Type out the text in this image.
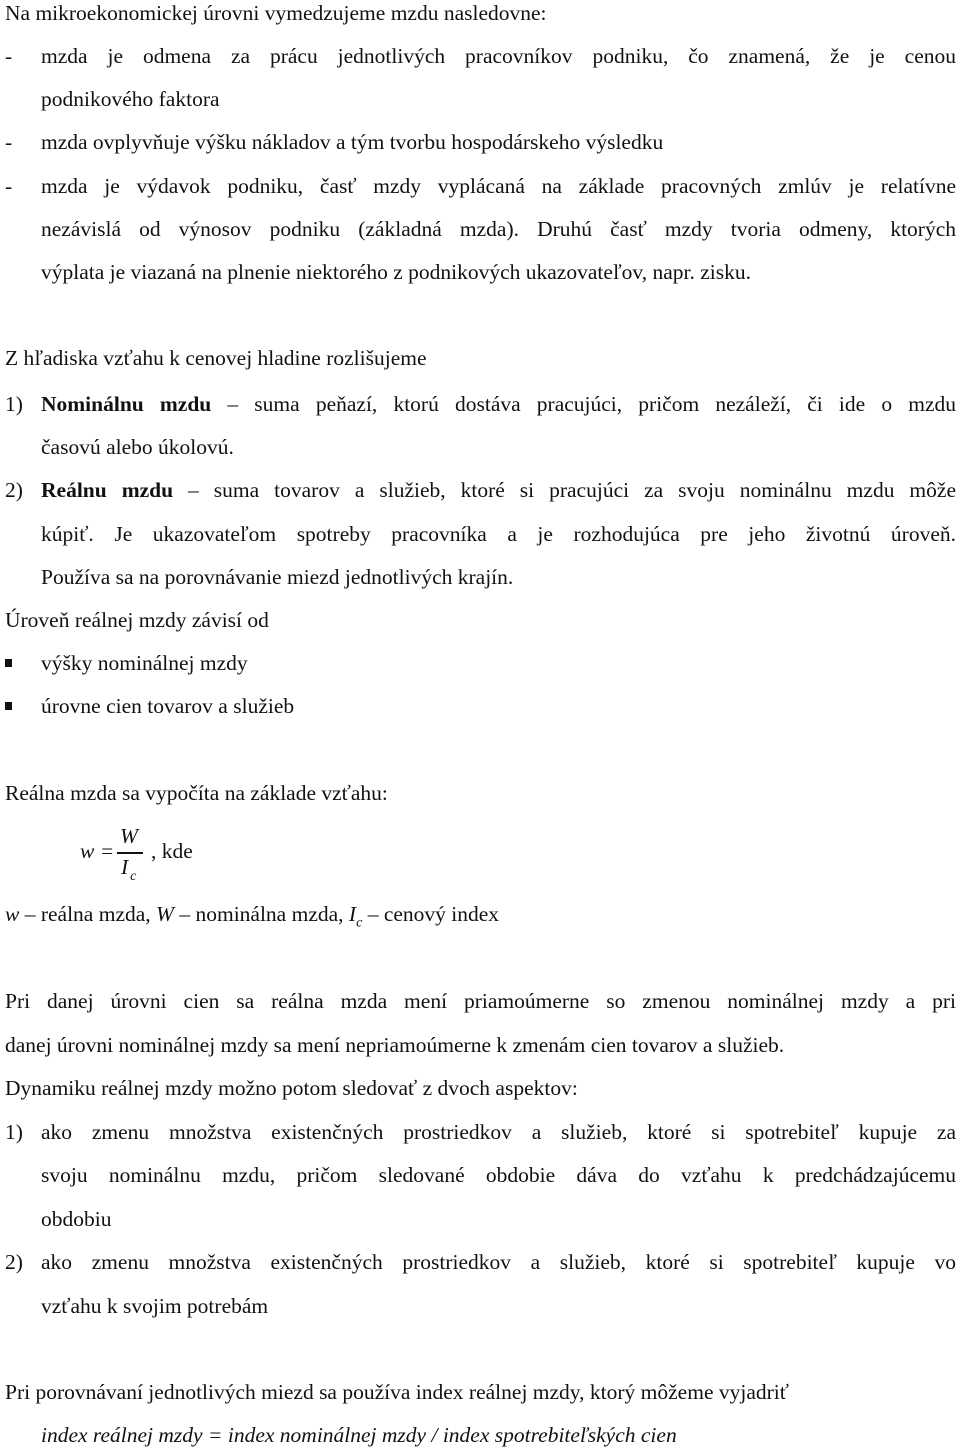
Na mikroekonomickej úrovni vymedzujeme mzdu nasledovne:
- mzda je odmena za prácu jednotlivých pracovníkov podniku, čo znamená, že je cenou
podnikového faktora
- mzda ovplyvňuje výšku nákladov a tým tvorbu hospodárskeho výsledku
- mzda je výdavok podniku, časť mzdy vyplácaná na základe pracovných zmlúv je relatívne
nezávislá od výnosov podniku (základná mzda). Druhú časť mzdy tvoria odmeny, ktorých
výplata je viazaná na plnenie niektorého z podnikových ukazovateľov, napr. zisku.
Z hľadiska vzťahu k cenovej hladine rozlišujeme
1) Nominálnu mzdu – suma peňazí, ktorú dostáva pracujúci, pričom nezáleží, či ide o mzdu
časovú alebo úkolovú.
2) Reálnu mzdu – suma tovarov a služieb, ktoré si pracujúci za svoju nominálnu mzdu môže
kúpiť. Je ukazovateľom spotreby pracovníka a je rozhodujúca pre jeho životnú úroveň.
Používa sa na porovnávanie miezd jednotlivých krajín.
Úroveň reálnej mzdy závisí od
výšky nominálnej mzdy
úrovne cien tovarov a služieb
Reálna mzda sa vypočíta na základe vzťahu:
w =
W
I $_c$
, kde
w – reálna mzda, W – nominálna mzda, $I_c$ – cenový index
Pri danej úrovni cien sa reálna mzda mení priamoúmerne so zmenou nominálnej mzdy a pri
danej úrovni nominálnej mzdy sa mení nepriamoúmerne k zmenám cien tovarov a služieb.
Dynamiku reálnej mzdy možno potom sledovať z dvoch aspektov:
1) ako zmenu množstva existenčných prostriedkov a služieb, ktoré si spotrebiteľ kupuje za
svoju nominálnu mzdu, pričom sledované obdobie dáva do vzťahu k predchádzajúcemu
obdobiu
2) ako zmenu množstva existenčných prostriedkov a služieb, ktoré si spotrebiteľ kupuje vo
vzťahu k svojim potrebám
Pri porovnávaní jednotlivých miezd sa používa index reálnej mzdy, ktorý môžeme vyjadriť
index reálnej mzdy = index nominálnej mzdy / index spotrebiteľských cien
